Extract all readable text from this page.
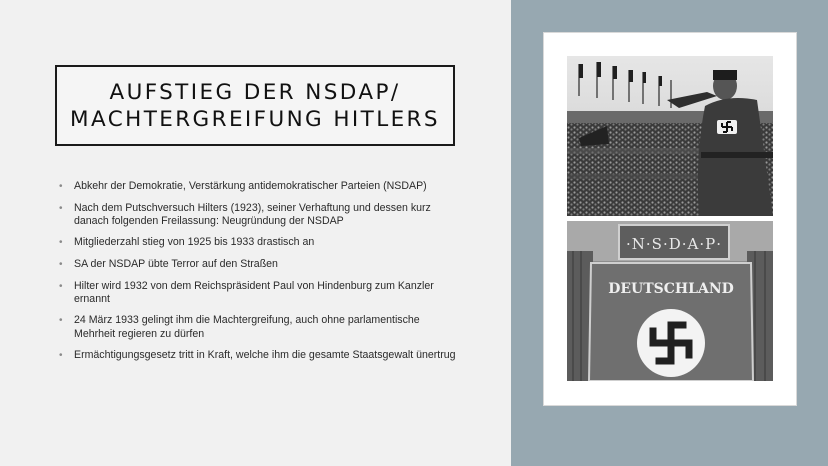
AUFSTIEG DER NSDAP/
MACHTERGREIFUNG HITLERS
• Abkehr der Demokratie, Verstärkung antidemokratischer Parteien (NSDAP)
• Nach dem Putschversuch Hilters (1923), seiner Verhaftung und dessen kurz danach folgenden Freilassung: Neugründung der NSDAP
• Mitgliederzahl stieg von 1925 bis 1933 drastisch an
• SA der NSDAP übte Terror auf den Straßen
• Hilter wird 1932 von dem Reichspräsident Paul von Hindenburg zum Kanzler ernannt
• 24 März 1933 gelingt ihm die Machtergreifung, auch ohne parlamentische Mehrheit regieren zu dürfen
• Ermächtigungsgesetz tritt in Kraft, welche ihm die gesamte Staatsgewalt ünertrug
·N·S·D·A·P·
DEUTSCHLAND
